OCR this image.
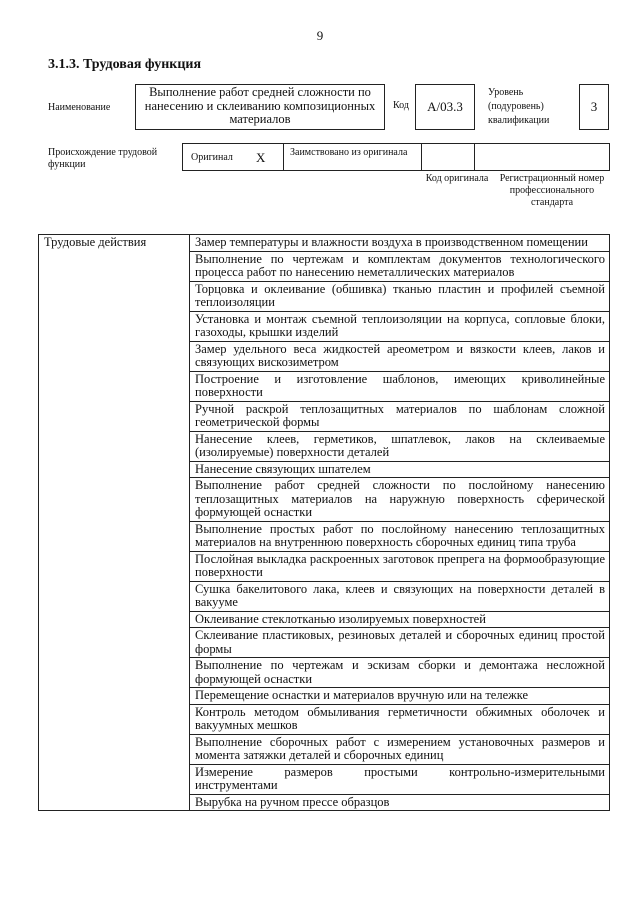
9
3.1.3. Трудовая функция
Наименование
Выполнение работ средней сложности по нанесению и склеиванию композиционных материалов
Код	А/03.3
Уровень (подуровень) квалификации
3
Происхождение трудовой функции
Оригинал X Заимствовано из оригинала
Код оригинала	Регистрационный номер профессионального стандарта
Трудовые действия	Замер температуры и влажности воздуха в производственном помещении
Выполнение по чертежам и комплектам документов технологического процесса работ по нанесению неметаллических материалов
Торцовка и оклеивание (обшивка) тканью пластин и профилей съемной теплоизоляции
Установка и монтаж съемной теплоизоляции на корпуса, сопловые блоки, газоходы, крышки изделий
Замер удельного веса жидкостей ареометром и вязкости клеев, лаков и связующих вискозиметром
Построение и изготовление шаблонов, имеющих криволинейные поверхности
Ручной раскрой теплозащитных материалов по шаблонам сложной геометрической формы
Нанесение клеев, герметиков, шпатлевок, лаков на склеиваемые (изолируемые) поверхности деталей
Нанесение связующих шпателем
Выполнение работ средней сложности по послойному нанесению теплозащитных материалов на наружную поверхность сферической формующей оснастки
Выполнение простых работ по послойному нанесению теплозащитных материалов на внутреннюю поверхность сборочных единиц типа труба
Послойная выкладка раскроенных заготовок препрега на формообразующие поверхности
Сушка бакелитового лака, клеев и связующих на поверхности деталей в вакууме
Оклеивание стеклотканью изолируемых поверхностей
Склеивание пластиковых, резиновых деталей и сборочных единиц простой формы
Выполнение по чертежам и эскизам сборки и демонтажа несложной формующей оснастки
Перемещение оснастки и материалов вручную или на тележке
Контроль методом обмыливания герметичности обжимных оболочек и вакуумных мешков
Выполнение сборочных работ с измерением установочных размеров и момента затяжки деталей и сборочных единиц
Измерение размеров простыми контрольно-измерительными инструментами
Вырубка на ручном прессе образцов
